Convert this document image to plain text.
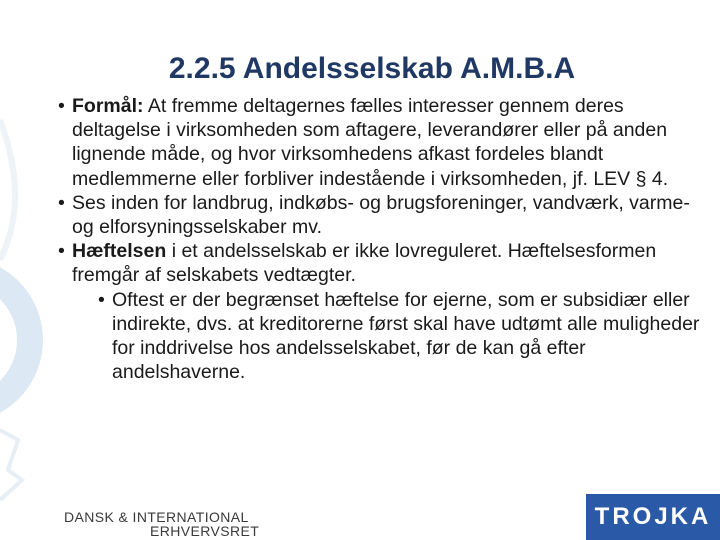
2.2.5 Andelsselskab A.M.B.A
• Formål: At fremme deltagernes fælles interesser gennem deres deltagelse i virksomheden som aftagere, leverandører eller på anden lignende måde, og hvor virksomhedens afkast fordeles blandt medlemmerne eller forbliver indestående i virksomheden, jf. LEV § 4.
• Ses inden for landbrug, indkøbs- og brugsforeninger, vandværk, varme- og elforsyningsselskaber mv.
• Hæftelsen i et andelsselskab er ikke lovreguleret. Hæftelsesformen fremgår af selskabets vedtægter.
• Oftest er der begrænset hæftelse for ejerne, som er subsidiær eller indirekte, dvs. at kreditorerne først skal have udtømt alle muligheder for inddrivelse hos andelsselskabet, før de kan gå efter andelshaverne.
DANSK & INTERNATIONAL
ERHVERVSRET
TROJKA
